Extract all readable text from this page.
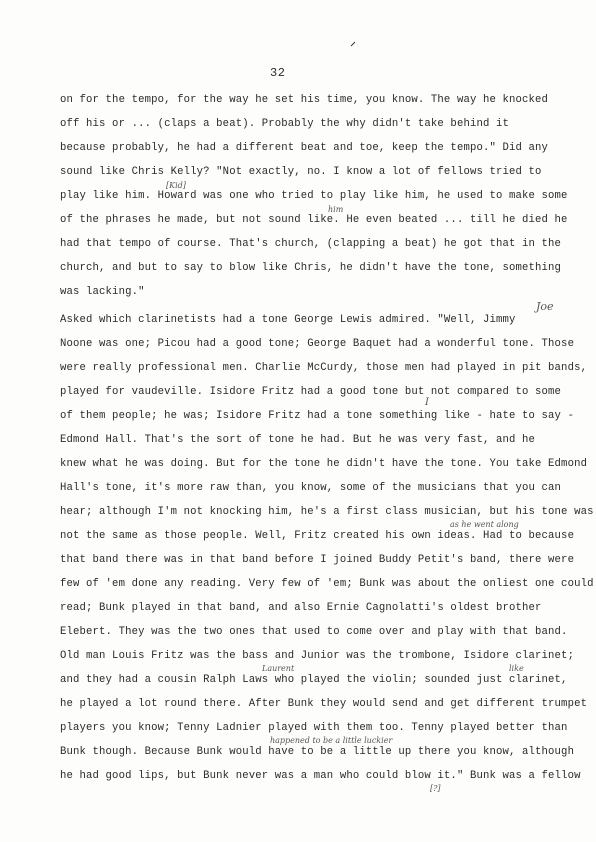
32
on for the tempo, for the way he set his time, you know. The way he knocked
off his or ... (claps a beat). Probably the why didn't take behind it
because probably, he had a different beat and toe, keep the tempo." Did any
sound like Chris Kelly? "Not exactly, no. I know a lot of fellows tried to
play like him. Howard was one who tried to play like him, he used to make some
of the phrases he made, but not sound like. He even beated ... till he died he
had that tempo of course. That's church, (clapping a beat) he got that in the
church, and but to say to blow like Chris, he didn't have the tone, something
was lacking."
Asked which clarinetists had a tone George Lewis admired. "Well, Jimmy
Noone was one; Picou had a good tone; George Baquet had a wonderful tone. Those
were really professional men. Charlie McCurdy, those men had played in pit bands,
played for vaudeville. Isidore Fritz had a good tone but not compared to some
of them people; he was; Isidore Fritz had a tone something like - hate to say -
Edmond Hall. That's the sort of tone he had. But he was very fast, and he
knew what he was doing. But for the tone he didn't have the tone. You take Edmond
Hall's tone, it's more raw than, you know, some of the musicians that you can
hear; although I'm not knocking him, he's a first class musician, but his tone was
not the same as those people. Well, Fritz created his own ideas. Had to because
that band there was in that band before I joined Buddy Petit's band, there were
few of 'em done any reading. Very few of 'em; Bunk was about the onliest one could
read; Bunk played in that band, and also Ernie Cagnolatti's oldest brother
Elebert. They was the two ones that used to come over and play with that band.
Old man Louis Fritz was the bass and Junior was the trombone, Isidore clarinet;
and they had a cousin Ralph Laws who played the violin; sounded just clarinet,
he played a lot round there. After Bunk they would send and get different trumpet
players you know; Tenny Ladnier played with them too. Tenny played better than
Bunk though. Because Bunk would have to be a little up there you know, although
he had good lips, but Bunk never was a man who could blow it." Bunk was a fellow
[Kid]
him
Joe
I
as he went along
Laurent	like
happened to be a little luckier
[?]
